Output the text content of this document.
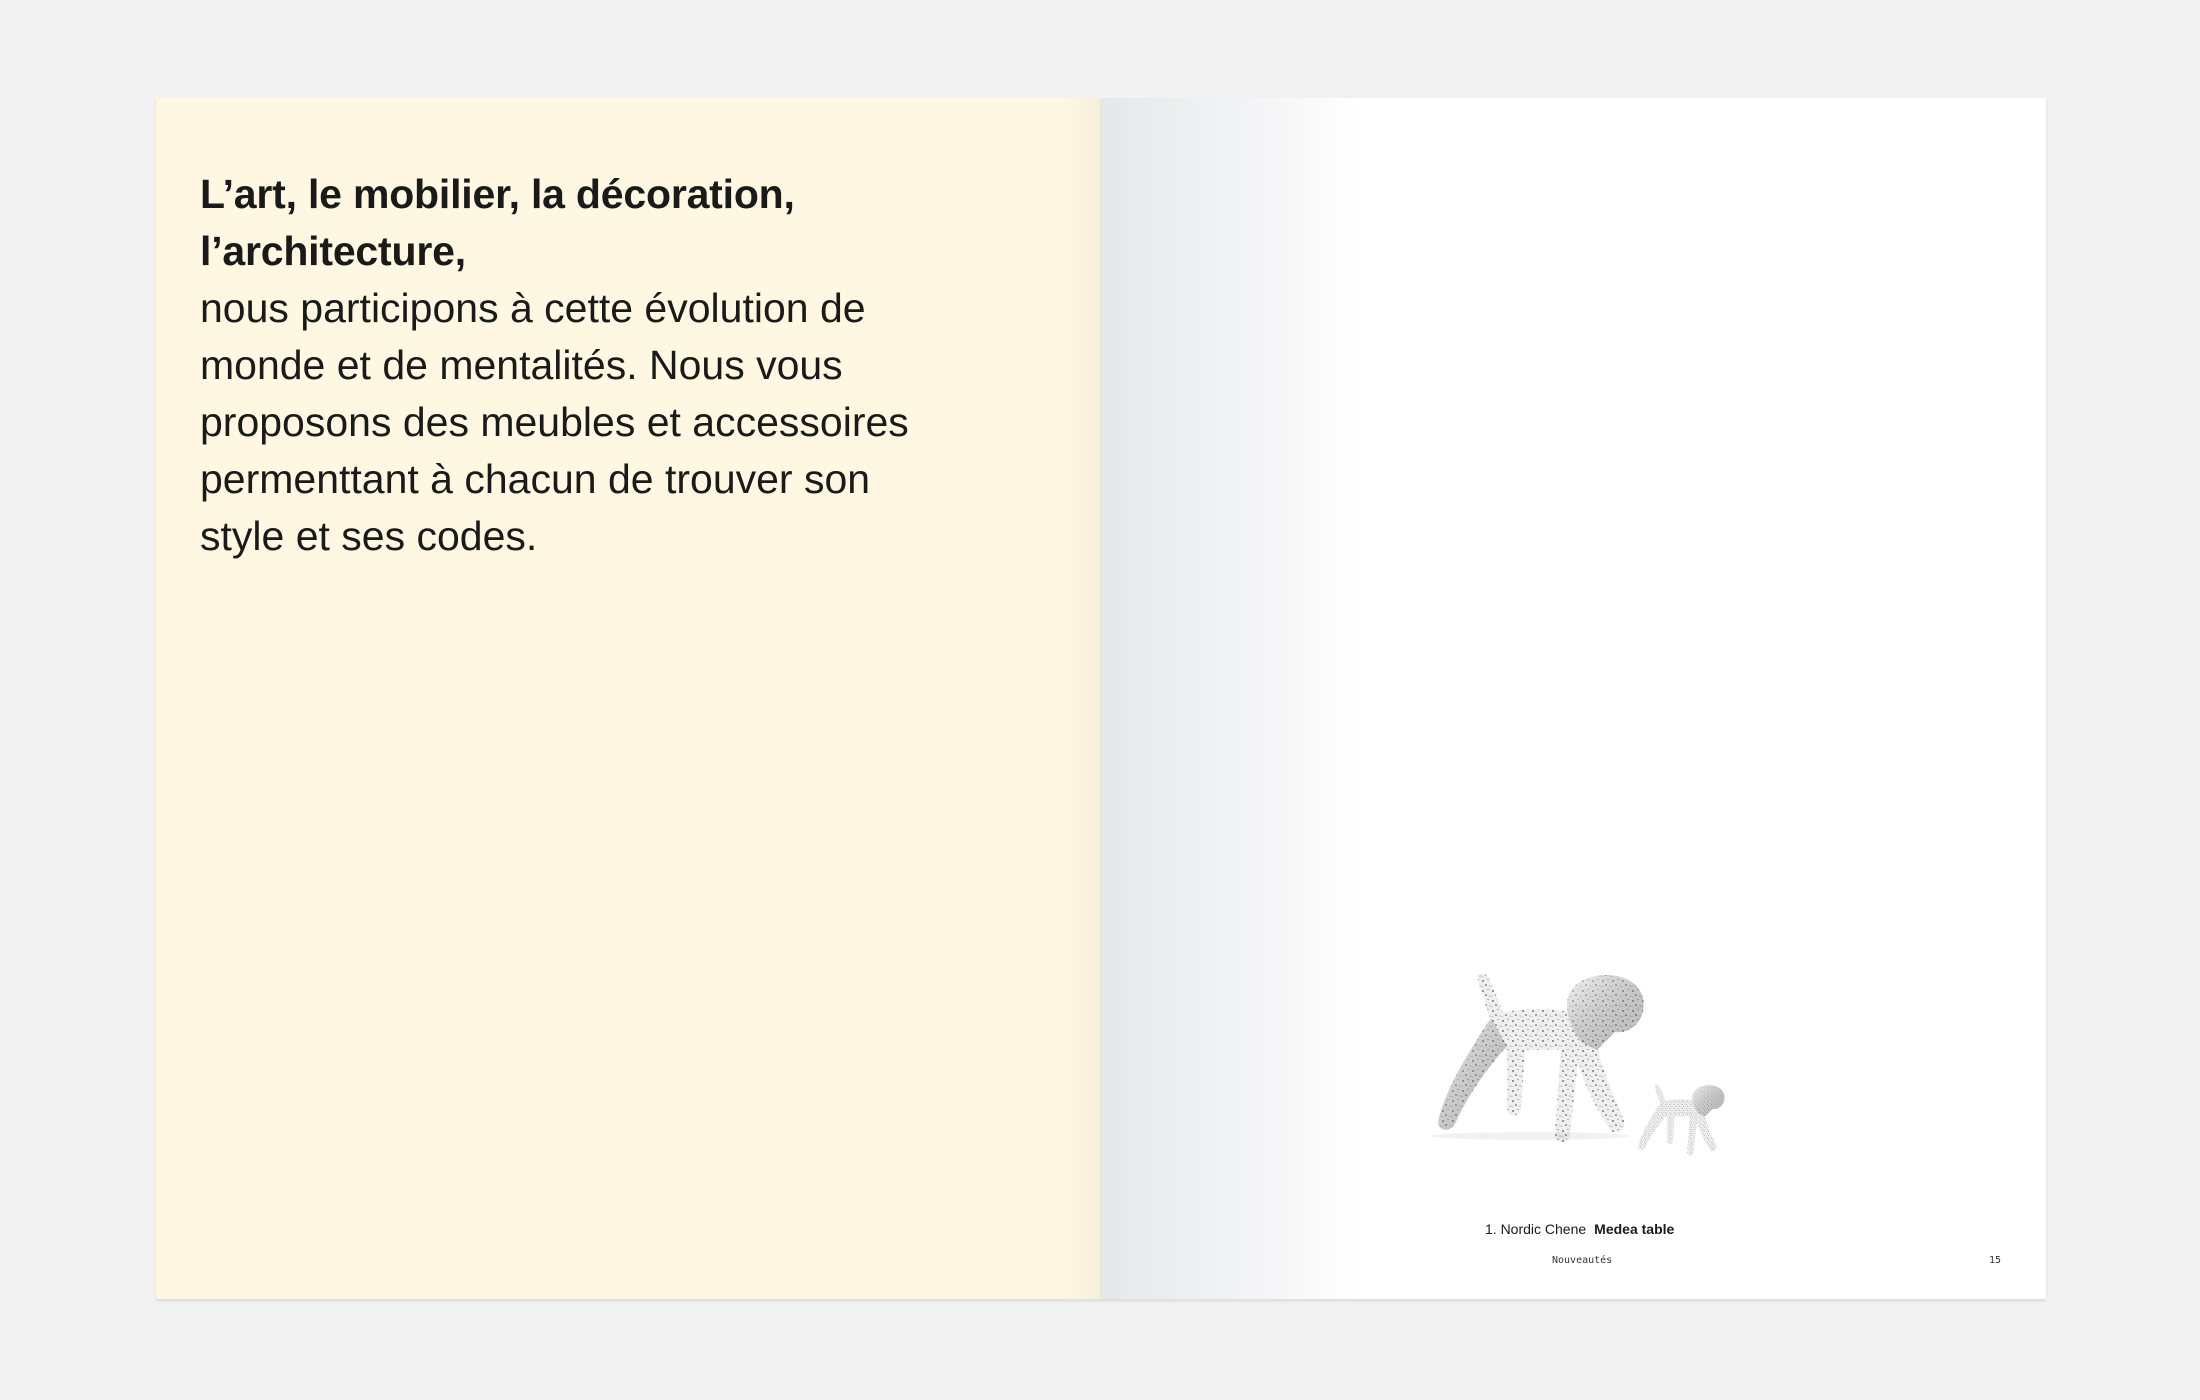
L’art, le mobilier, la décoration,
l’architecture,

nous participons à cette évolution de
monde et de mentalités. Nous vous
proposons des meubles et accessoires
permenttant à chacun de trouver son
style et ses codes.

1. Nordic Chene Medea table
Nouveautés	15
